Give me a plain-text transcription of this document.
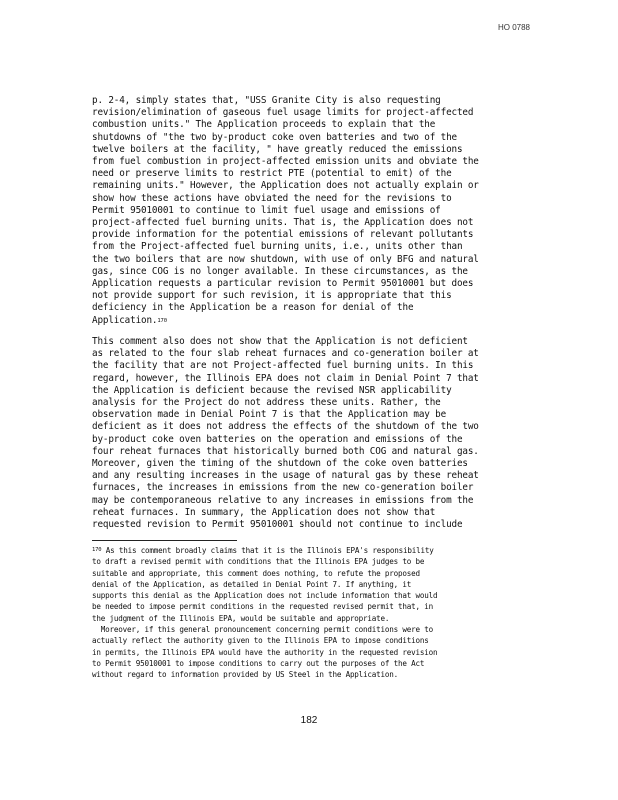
HO 0788
p. 2-4, simply states that, "USS Granite City is also requesting
revision/elimination of gaseous fuel usage limits for project-affected
combustion units." The Application proceeds to explain that the
shutdowns of "the two by-product coke oven batteries and two of the
twelve boilers at the facility, " have greatly reduced the emissions
from fuel combustion in project-affected emission units and obviate the
need or preserve limits to restrict PTE (potential to emit) of the
remaining units." However, the Application does not actually explain or
show how these actions have obviated the need for the revisions to
Permit 95010001 to continue to limit fuel usage and emissions of
project-affected fuel burning units. That is, the Application does not
provide information for the potential emissions of relevant pollutants
from the Project-affected fuel burning units, i.e., units other than
the two boilers that are now shutdown, with use of only BFG and natural
gas, since COG is no longer available. In these circumstances, as the
Application requests a particular revision to Permit 95010001 but does
not provide support for such revision, it is appropriate that this
deficiency in the Application be a reason for denial of the
Application.$^{170}$
This comment also does not show that the Application is not deficient
as related to the four slab reheat furnaces and co-generation boiler at
the facility that are not Project-affected fuel burning units. In this
regard, however, the Illinois EPA does not claim in Denial Point 7 that
the Application is deficient because the revised NSR applicability
analysis for the Project do not address these units. Rather, the
observation made in Denial Point 7 is that the Application may be
deficient as it does not address the effects of the shutdown of the two
by-product coke oven batteries on the operation and emissions of the
four reheat furnaces that historically burned both COG and natural gas.
Moreover, given the timing of the shutdown of the coke oven batteries
and any resulting increases in the usage of natural gas by these reheat
furnaces, the increases in emissions from the new co-generation boiler
may be contemporaneous relative to any increases in emissions from the
reheat furnaces. In summary, the Application does not show that
requested revision to Permit 95010001 should not continue to include
$^{170}$ As this comment broadly claims that it is the Illinois EPA's responsibility
to draft a revised permit with conditions that the Illinois EPA judges to be
suitable and appropriate, this comment does nothing, to refute the proposed
denial of the Application, as detailed in Denial Point 7. If anything, it
supports this denial as the Application does not include information that would
be needed to impose permit conditions in the requested revised permit that, in
the judgment of the Illinois EPA, would be suitable and appropriate.
Moreover, if this general pronouncement concerning permit conditions were to
actually reflect the authority given to the Illinois EPA to impose conditions
in permits, the Illinois EPA would have the authority in the requested revision
to Permit 95010001 to impose conditions to carry out the purposes of the Act
without regard to information provided by US Steel in the Application.
182
